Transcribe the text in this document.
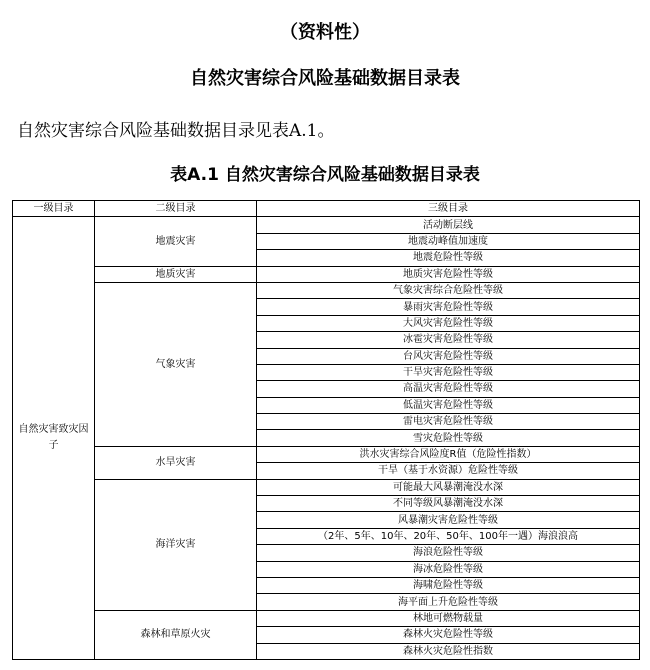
（资料性）
自然灾害综合风险基础数据目录表
自然灾害综合风险基础数据目录见表A.1。
表A.1 自然灾害综合风险基础数据目录表
一级目录	二级目录	三级目录
自然灾害致灾因子	地震灾害	活动断层线
		地震动峰值加速度
		地震危险性等级
	地质灾害	地质灾害危险性等级
	气象灾害	气象灾害综合危险性等级
		暴雨灾害危险性等级
		大风灾害危险性等级
		冰雹灾害危险性等级
		台风灾害危险性等级
		干旱灾害危险性等级
		高温灾害危险性等级
		低温灾害危险性等级
		雷电灾害危险性等级
		雪灾危险性等级
	水旱灾害	洪水灾害综合风险度R值（危险性指数）
		干旱（基于水资源）危险性等级
	海洋灾害	可能最大风暴潮淹没水深
		不同等级风暴潮淹没水深
		风暴潮灾害危险性等级
		（2年、5年、10年、20年、50年、100年一遇）海浪浪高
		海浪危险性等级
		海冰危险性等级
		海啸危险性等级
		海平面上升危险性等级
	森林和草原火灾	林地可燃物载量
		森林火灾危险性等级
		森林火灾危险性指数
